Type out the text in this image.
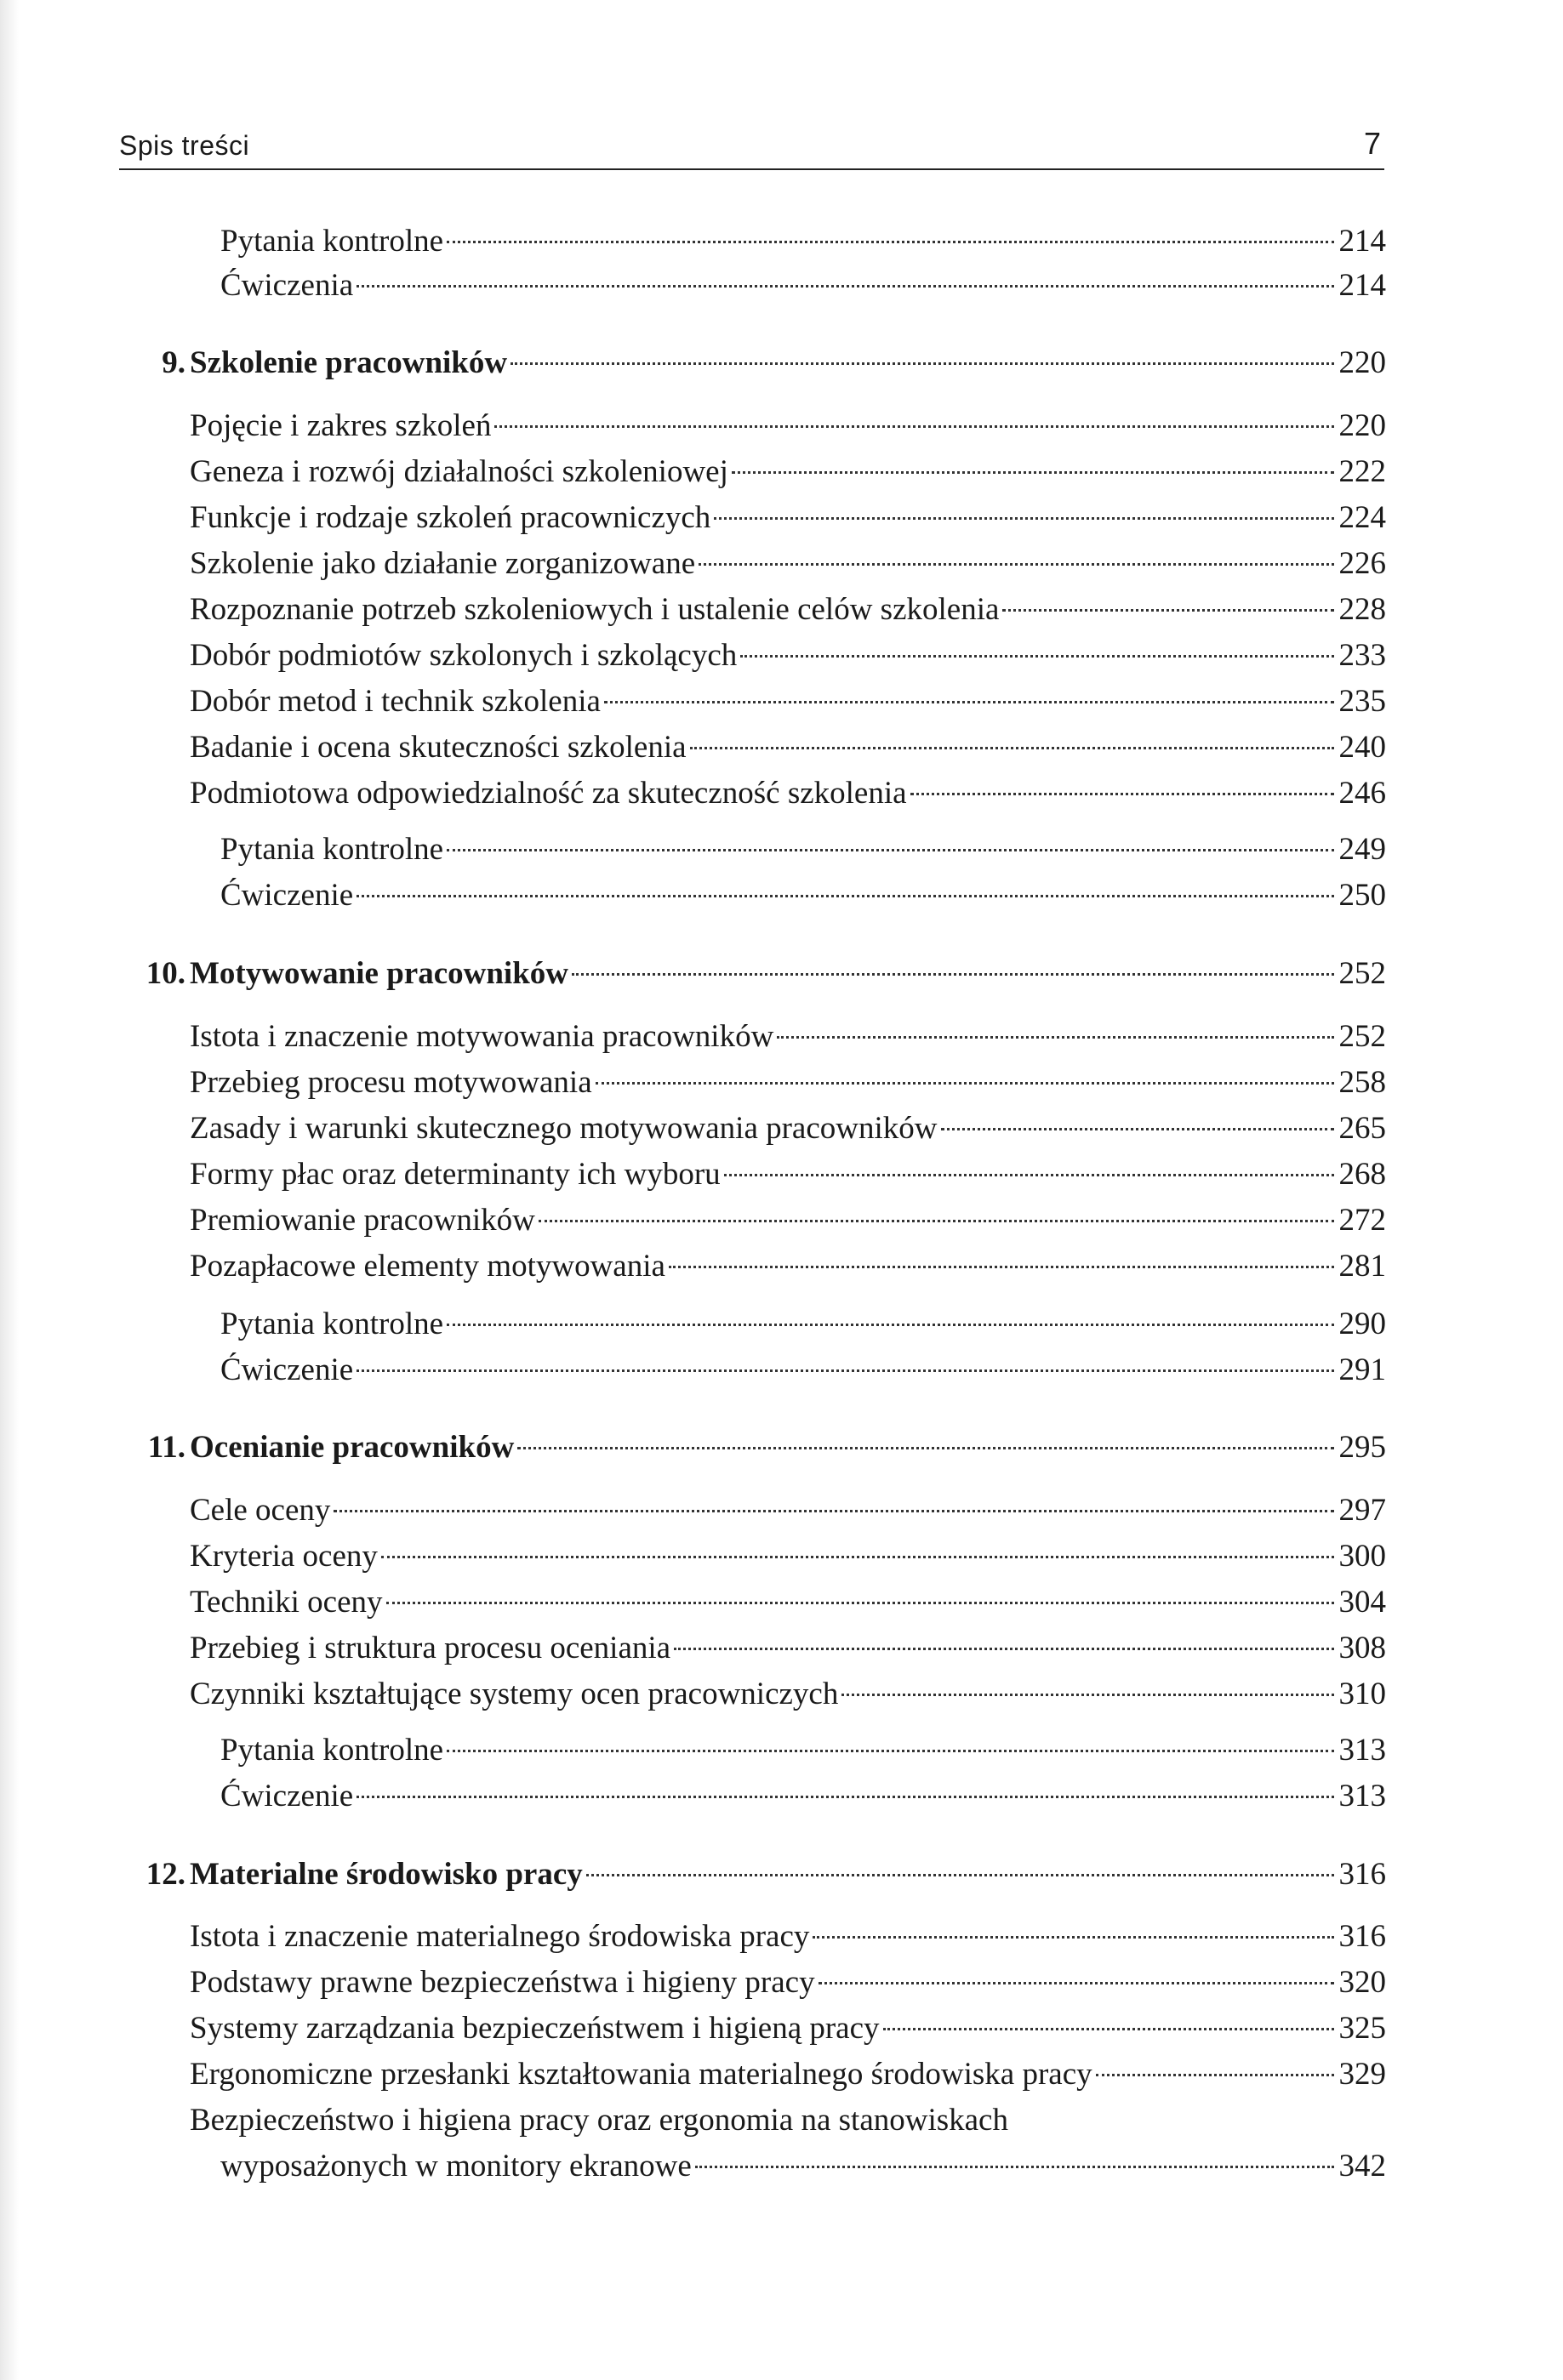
Spis treści	7
Pytania kontrolne	214
Ćwiczenia	214
9. Szkolenie pracowników	220
Pojęcie i zakres szkoleń	220
Geneza i rozwój działalności szkoleniowej	222
Funkcje i rodzaje szkoleń pracowniczych	224
Szkolenie jako działanie zorganizowane	226
Rozpoznanie potrzeb szkoleniowych i ustalenie celów szkolenia	228
Dobór podmiotów szkolonych i szkolących	233
Dobór metod i technik szkolenia	235
Badanie i ocena skuteczności szkolenia	240
Podmiotowa odpowiedzialność za skuteczność szkolenia	246
Pytania kontrolne	249
Ćwiczenie	250
10. Motywowanie pracowników	252
Istota i znaczenie motywowania pracowników	252
Przebieg procesu motywowania	258
Zasady i warunki skutecznego motywowania pracowników	265
Formy płac oraz determinanty ich wyboru	268
Premiowanie pracowników	272
Pozapłacowe elementy motywowania	281
Pytania kontrolne	290
Ćwiczenie	291
11. Ocenianie pracowników	295
Cele oceny	297
Kryteria oceny	300
Techniki oceny	304
Przebieg i struktura procesu oceniania	308
Czynniki kształtujące systemy ocen pracowniczych	310
Pytania kontrolne	313
Ćwiczenie	313
12. Materialne środowisko pracy	316
Istota i znaczenie materialnego środowiska pracy	316
Podstawy prawne bezpieczeństwa i higieny pracy	320
Systemy zarządzania bezpieczeństwem i higieną pracy	325
Ergonomiczne przesłanki kształtowania materialnego środowiska pracy	329
Bezpieczeństwo i higiena pracy oraz ergonomia na stanowiskach
wyposażonych w monitory ekranowe	342
